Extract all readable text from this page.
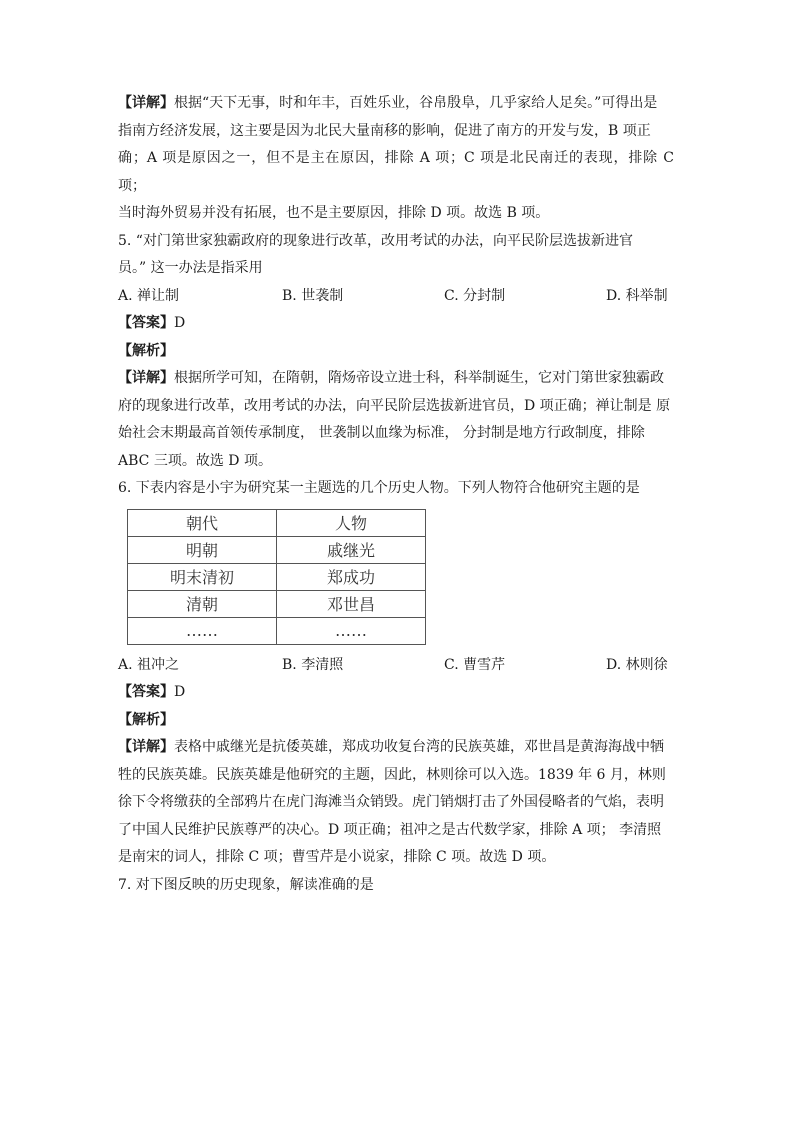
【详解】根据“天下无事，时和年丰，百姓乐业，谷帛殷阜，几乎家给人足矣。”可得出是

指南方经济发展，这主要是因为北民大量南移的影响，促进了南方的开发与发，B 项正

确；A 项是原因之一，但不是主在原因，排除 A 项；C 项是北民南迁的表现，排除 C 项；

当时海外贸易并没有拓展，也不是主要原因，排除 D 项。故选 B 项。

5. “对门第世家独霸政府的现象进行改革，改用考试的办法，向平民阶层选拔新进官

员。” 这一办法是指采用

A. 禅让制	B. 世袭制	C. 分封制	D. 科举制

【答案】D

【解析】

【详解】根据所学可知，在隋朝，隋炀帝设立进士科，科举制诞生，它对门第世家独霸政

府的现象进行改革，改用考试的办法，向平民阶层选拔新进官员，D 项正确；禅让制是 原

始社会末期最高首领传承制度， 世袭制以血缘为标准， 分封制是地方行政制度，排除

ABC 三项。故选 D 项。

6. 下表内容是小宇为研究某一主题选的几个历史人物。下列人物符合他研究主题的是

朝代	人物
明朝	戚继光
明末清初	郑成功
清朝	邓世昌
……	……
A. 祖冲之	B. 李清照	C. 曹雪芹	D. 林则徐

【答案】D

【解析】

【详解】表格中戚继光是抗倭英雄，郑成功收复台湾的民族英雄，邓世昌是黄海海战中牺

牲的民族英雄。民族英雄是他研究的主题，因此，林则徐可以入选。1839 年 6 月，林则

徐下令将缴获的全部鸦片在虎门海滩当众销毁。虎门销烟打击了外国侵略者的气焰，表明

了中国人民维护民族尊严的决心。D 项正确；祖冲之是古代数学家，排除 A 项； 李清照

是南宋的词人，排除 C 项；曹雪芹是小说家，排除 C 项。故选 D 项。

7. 对下图反映的历史现象，解读准确的是
